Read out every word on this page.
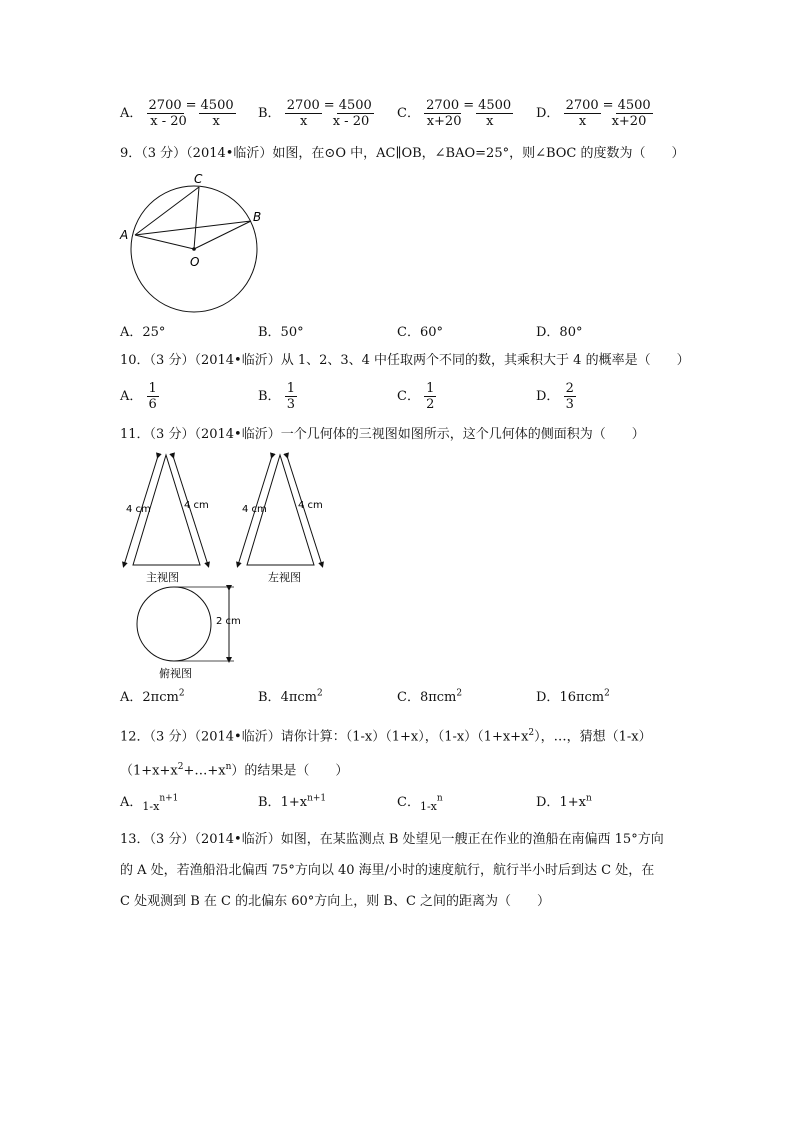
A．
2700 = 4500
x - 20 x
B．
2700 = 4500
x	x - 20
C．
2700 = 4500
x+20 x
D．
2700 = 4500
x	x+20
9．（3 分）（2014•临沂）如图，在⊙O 中，AC∥OB，∠BAO=25°，则∠BOC 的度数为（　　）
C
A
B
O
A．25°	B．50°	C．60°	D．80°
10．（3 分）（2014•临沂）从 1、2、3、4 中任取两个不同的数，其乘积大于 4 的概率是（　　）
A． $\frac{1}{6}$	B． $\frac{1}{3}$	C． $\frac{1}{2}$	D． $\frac{2}{3}$
11．（3 分）（2014•临沂）一个几何体的三视图如图所示，这个几何体的侧面积为（　　）
4 cm	4 cm
主视图
4 cm	4 cm
左视图
2 cm
俯视图
A．2πcm$^2$	B．4πcm$^2$	C．8πcm$^2$	D．16πcm$^2$
12．（3 分）（2014•临沂）请你计算：（1-x）（1+x），$(1-x)(1+x+x^2)$，…，猜想（1-x）
$(1+x+x^2+\dots+x^n)$的结果是（　　）
A．$_{1-x}^{n+1}$	B．$1+x^{n+1}$	C．$_{1-x}^n$	D．$1+x^n$
13．（3 分）（2014•临沂）如图，在某监测点 B 处望见一艘正在作业的渔船在南偏西 15°方向
的 A 处，若渔船沿北偏西 75°方向以 40 海里/小时的速度航行，航行半小时后到达 C 处，在
C 处观测到 B 在 C 的北偏东 60°方向上，则 B、C 之间的距离为（　　）
